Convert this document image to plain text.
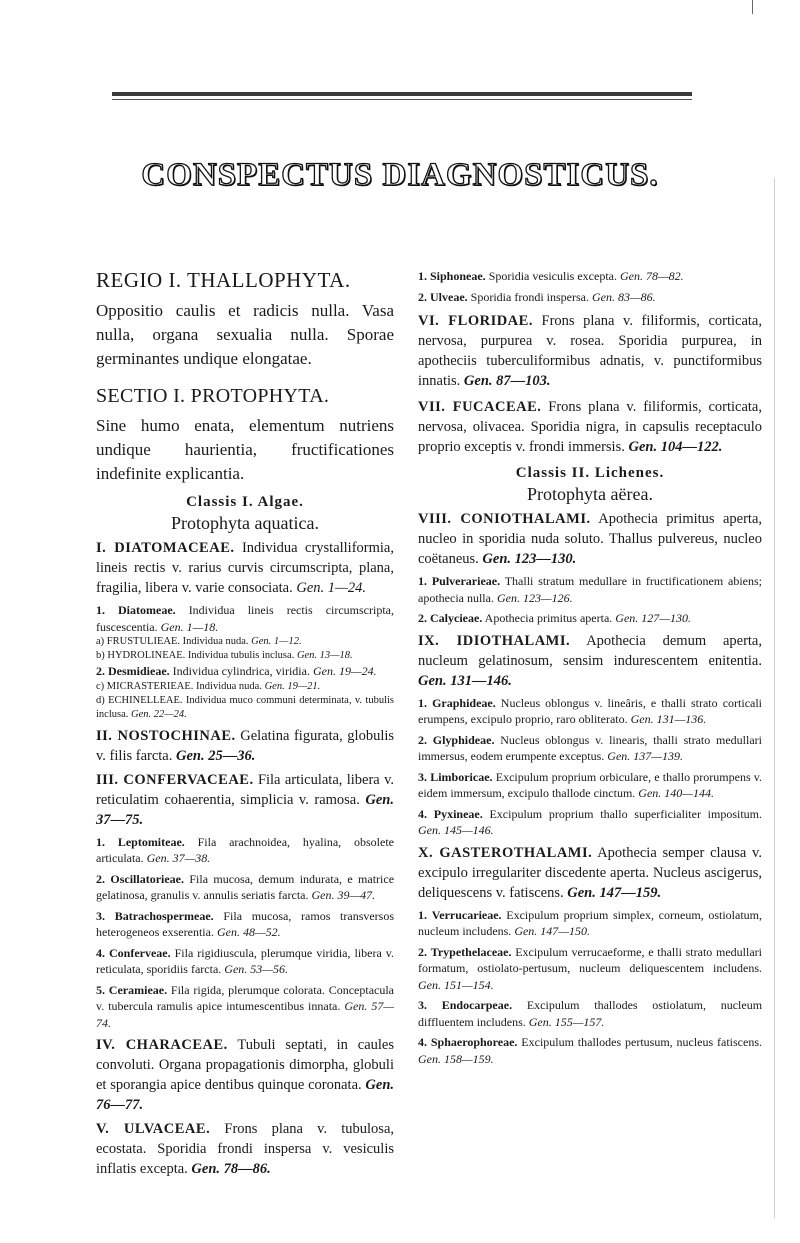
CONSPECTUS DIAGNOSTICUS.

REGIO I. THALLOPHYTA.

Oppositio caulis et radicis nulla. Vasa nulla, organa sexualia nulla. Sporae germinantes undique elongatae.

SECTIO I. PROTOPHYTA.

Sine humo enata, elementum nutriens undique haurientia, fructificationes indefinite explicantia.

Classis I. Algae.

Protophyta aquatica.

I. DIATOMACEAE. Individua crystalliformia, lineis rectis v. rarius curvis circumscripta, plana, fragilia, libera v. varie consociata. Gen. 1—24.

1. Diatomeae. Individua lineis rectis circumscripta, fuscescentia. Gen. 1—18.

a) FRUSTULIEAE. Individua nuda. Gen. 1—12.

b) HYDROLINEAE. Individua tubulis inclusa. Gen. 13—18.

2. Desmidieae. Individua cylindrica, viridia. Gen. 19—24.

c) MICRASTERIEAE. Individua nuda. Gen. 19—21.

d) ECHINELLEAE. Individua muco communi determinata, v. tubulis inclusa. Gen. 22—24.

II. NOSTOCHINAE. Gelatina figurata, globulis v. filis farcta. Gen. 25—36.

III. CONFERVACEAE. Fila articulata, libera v. reticulatim cohaerentia, simplicia v. ramosa. Gen. 37—75.

1. Leptomiteae. Fila arachnoidea, hyalina, obsolete articulata. Gen. 37—38.

2. Oscillatorieae. Fila mucosa, demum indurata, e matrice gelatinosa, granulis v. annulis seriatis farcta. Gen. 39—47.

3. Batrachospermeae. Fila mucosa, ramos transversos heterogeneos exserentia. Gen. 48—52.

4. Conferveae. Fila rigidiuscula, plerumque viridia, libera v. reticulata, sporidiis farcta. Gen. 53—56.

5. Ceramieae. Fila rigida, plerumque colorata. Conceptacula v. tubercula ramulis apice intumescentibus innata. Gen. 57—74.

IV. CHARACEAE. Tubuli septati, in caules convoluti. Organa propagationis dimorpha, globuli et sporangia apice dentibus quinque coronata. Gen. 76—77.

V. ULVACEAE. Frons plana v. tubulosa, ecostata. Sporidia frondi inspersa v. vesiculis inflatis excepta. Gen. 78—86.

1. Siphoneae. Sporidia vesiculis excepta. Gen. 78—82.

2. Ulveae. Sporidia frondi inspersa. Gen. 83—86.

VI. FLORIDAE. Frons plana v. filiformis, corticata, nervosa, purpurea v. rosea. Sporidia purpurea, in apotheciis tuberculiformibus adnatis, v. punctiformibus innatis. Gen. 87—103.

VII. FUCACEAE. Frons plana v. filiformis, corticata, nervosa, olivacea. Sporidia nigra, in capsulis receptaculo proprio exceptis v. frondi immersis. Gen. 104—122.

Classis II. Lichenes.

Protophyta aërea.

VIII. CONIOTHALAMI. Apothecia primitus aperta, nucleo in sporidia nuda soluto. Thallus pulvereus, nucleo coëtaneus. Gen. 123—130.

1. Pulverarieae. Thalli stratum medullare in fructificationem abiens; apothecia nulla. Gen. 123—126.

2. Calycieae. Apothecia primitus aperta. Gen. 127—130.

IX. IDIOTHALAMI. Apothecia demum aperta, nucleum gelatinosum, sensim indurescentem enitentia. Gen. 131—146.

1. Graphideae. Nucleus oblongus v. lineâris, e thalli strato corticali erumpens, excipulo proprio, raro obliterato. Gen. 131—136.

2. Glyphideae. Nucleus oblongus v. linearis, thalli strato medullari immersus, eodem erumpente exceptus. Gen. 137—139.

3. Limboricae. Excipulum proprium orbiculare, e thallo prorumpens v. eidem immersum, excipulo thallode cinctum. Gen. 140—144.

4. Pyxineae. Excipulum proprium thallo superficialiter impositum. Gen. 145—146.

X. GASTEROTHALAMI. Apothecia semper clausa v. excipulo irregulariter discedente aperta. Nucleus ascigerus, deliquescens v. fatiscens. Gen. 147—159.

1. Verrucarieae. Excipulum proprium simplex, corneum, ostiolatum, nucleum includens. Gen. 147—150.

2. Trypethelaceae. Excipulum verrucaeforme, e thalli strato medullari formatum, ostiolato-pertusum, nucleum deliquescentem includens. Gen. 151—154.

3. Endocarpeae. Excipulum thallodes ostiolatum, nucleum diffluentem includens. Gen. 155—157.

4. Sphaerophoreae. Excipulum thallodes pertusum, nucleus fatiscens. Gen. 158—159.
